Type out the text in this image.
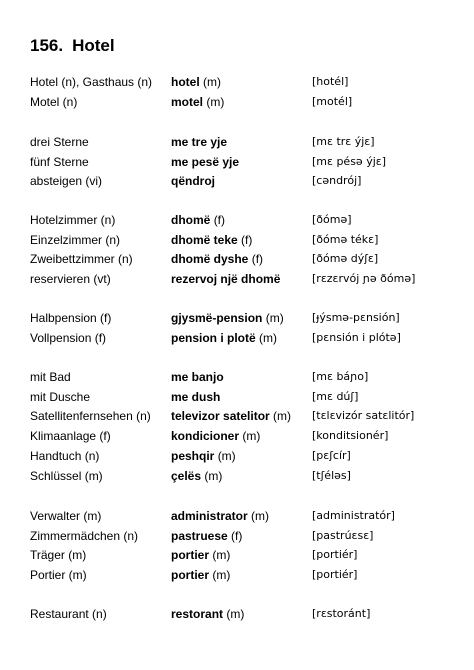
156. Hotel
Hotel (n), Gasthaus (n)	hotel (m)	[hotél]
Motel (n)	motel (m)	[motél]
drei Sterne	me tre yje	[mɛ trɛ ýjɛ]
fünf Sterne	me pesë yje	[mɛ pésə ýjɛ]
absteigen (vi)	qëndroj	[cəndrój]
Hotelzimmer (n)	dhomë (f)	[ðómə]
Einzelzimmer (n)	dhomë teke (f)	[ðómə tékɛ]
Zweibettzimmer (n)	dhomë dyshe (f)	[ðómə dýʃɛ]
reservieren (vt)	rezervoj një dhomë	[rɛzɛrvój ɲə ðómə]
Halbpension (f)	gjysmë-pension (m)	[ɟýsmə-pɛnsión]
Vollpension (f)	pension i plotë (m)	[pɛnsión i plótə]
mit Bad	me banjo	[mɛ báɲo]
mit Dusche	me dush	[mɛ dúʃ]
Satellitenfernsehen (n)	televizor satelitor (m)	[tɛlɛvizór satɛlitór]
Klimaanlage (f)	kondicioner (m)	[konditsionér]
Handtuch (n)	peshqir (m)	[pɛʃcír]
Schlüssel (m)	çelës (m)	[tʃéləs]
Verwalter (m)	administrator (m)	[administratór]
Zimmermädchen (n)	pastruese (f)	[pastrúɛsɛ]
Träger (m)	portier (m)	[portiér]
Portier (m)	portier (m)	[portiér]
Restaurant (n)	restorant (m)	[rɛstoránt]
